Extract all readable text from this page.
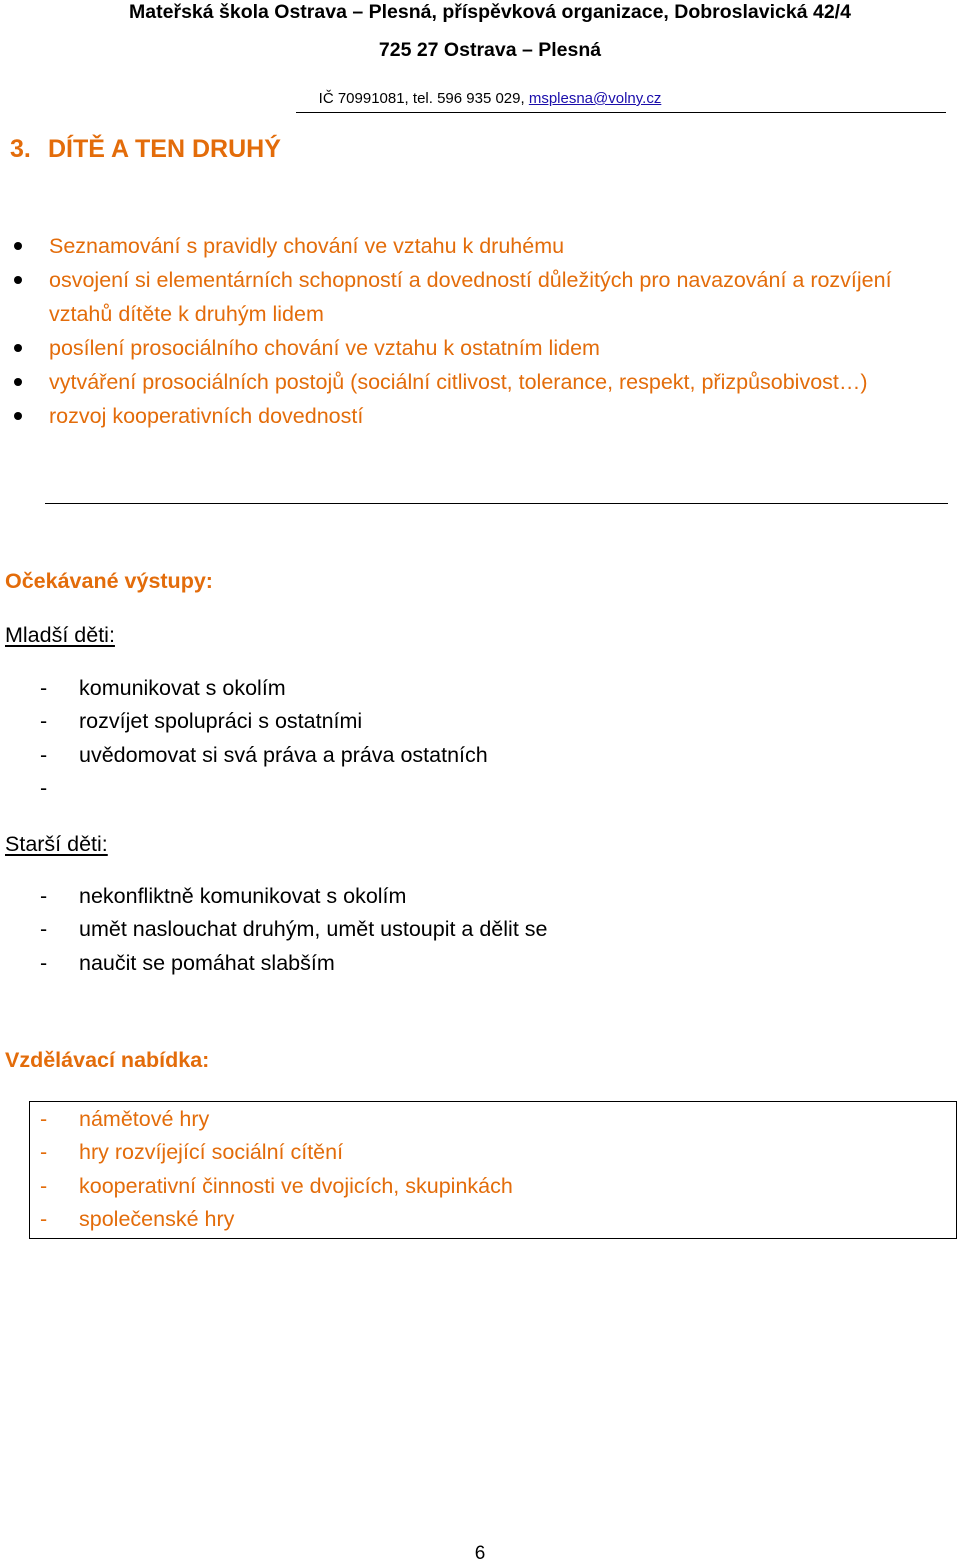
Mateřská škola Ostrava – Plesná, příspěvková organizace, Dobroslavická 42/4
725 27 Ostrava – Plesná
IČ 70991081, tel. 596 935 029, msplesna@volny.cz
3. DÍTĚ A TEN DRUHÝ
Seznamování s pravidly chování ve vztahu k druhému
osvojení si elementárních schopností a dovedností důležitých pro navazování a rozvíjení vztahů dítěte k druhým lidem
posílení prosociálního chování ve vztahu k ostatním lidem
vytváření prosociálních postojů (sociální citlivost, tolerance, respekt, přizpůsobivost…)
rozvoj kooperativních dovedností
Očekávané výstupy:
Mladší děti:
- komunikovat s okolím
- rozvíjet spolupráci s ostatními
- uvědomovat si svá práva a práva ostatních
-
Starší děti:
- nekonfliktně komunikovat s okolím
- umět naslouchat druhým, umět ustoupit a dělit se
- naučit se pomáhat slabším
Vzdělávací nabídka:
- námětové hry
- hry rozvíjející sociální cítění
- kooperativní činnosti ve dvojicích, skupinkách
- společenské hry
6
